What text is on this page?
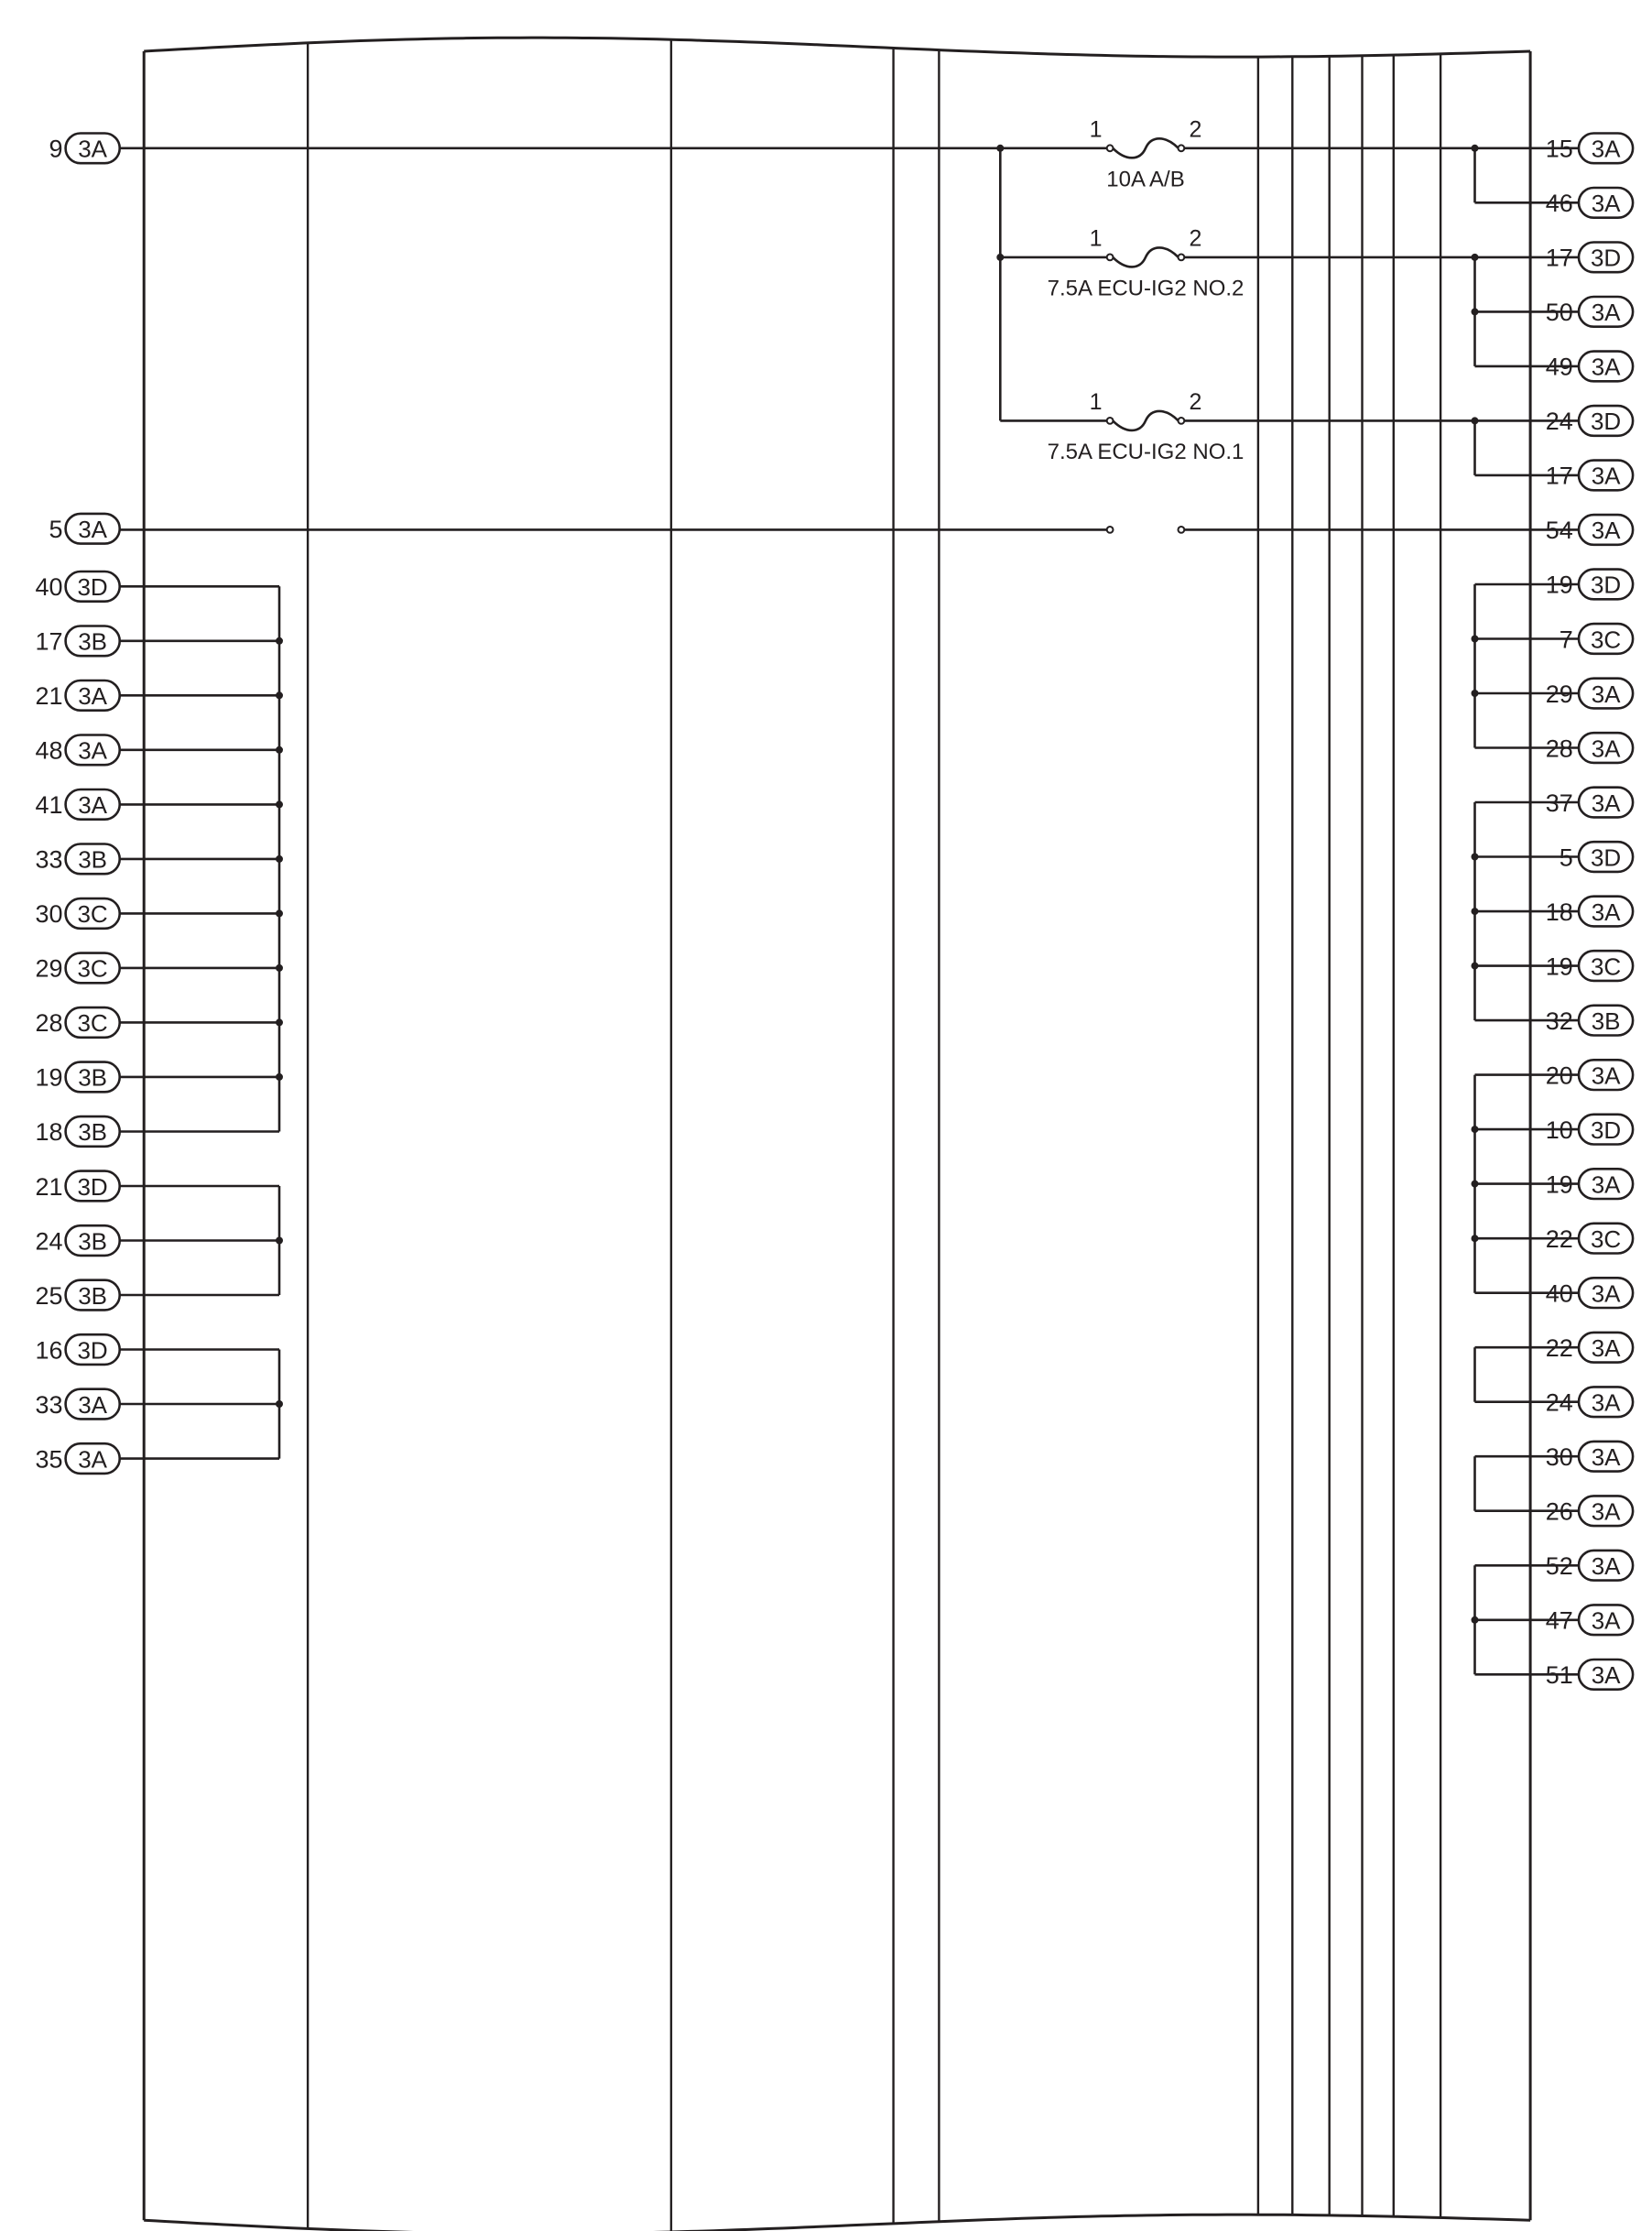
1	2
10A A/B
1	2
7.5A ECU-IG2 NO.2
1	2
7.5A ECU-IG2 NO.1
3A
9
3A
5
3D
40
3B
17
3A
21
3A
48
3A
41
3B
33
3C
30
3C
29
3C
28
3B
19
3B
18
3D
21
3B
24
3B
25
3D
16
3A
33
3A
35
3A
15
3A
46
3D
17
3A
50
3A
49
3D
24
3A
17
3A
54
3D
19
3C
7
3A
29
3A
28
3A
37
3D
5
3A
18
3C
19
3B
32
3A
20
3D
10
3A
19
3C
22
3A
40
3A
22
3A
24
3A
30
3A
26
3A
52
3A
47
3A
51
